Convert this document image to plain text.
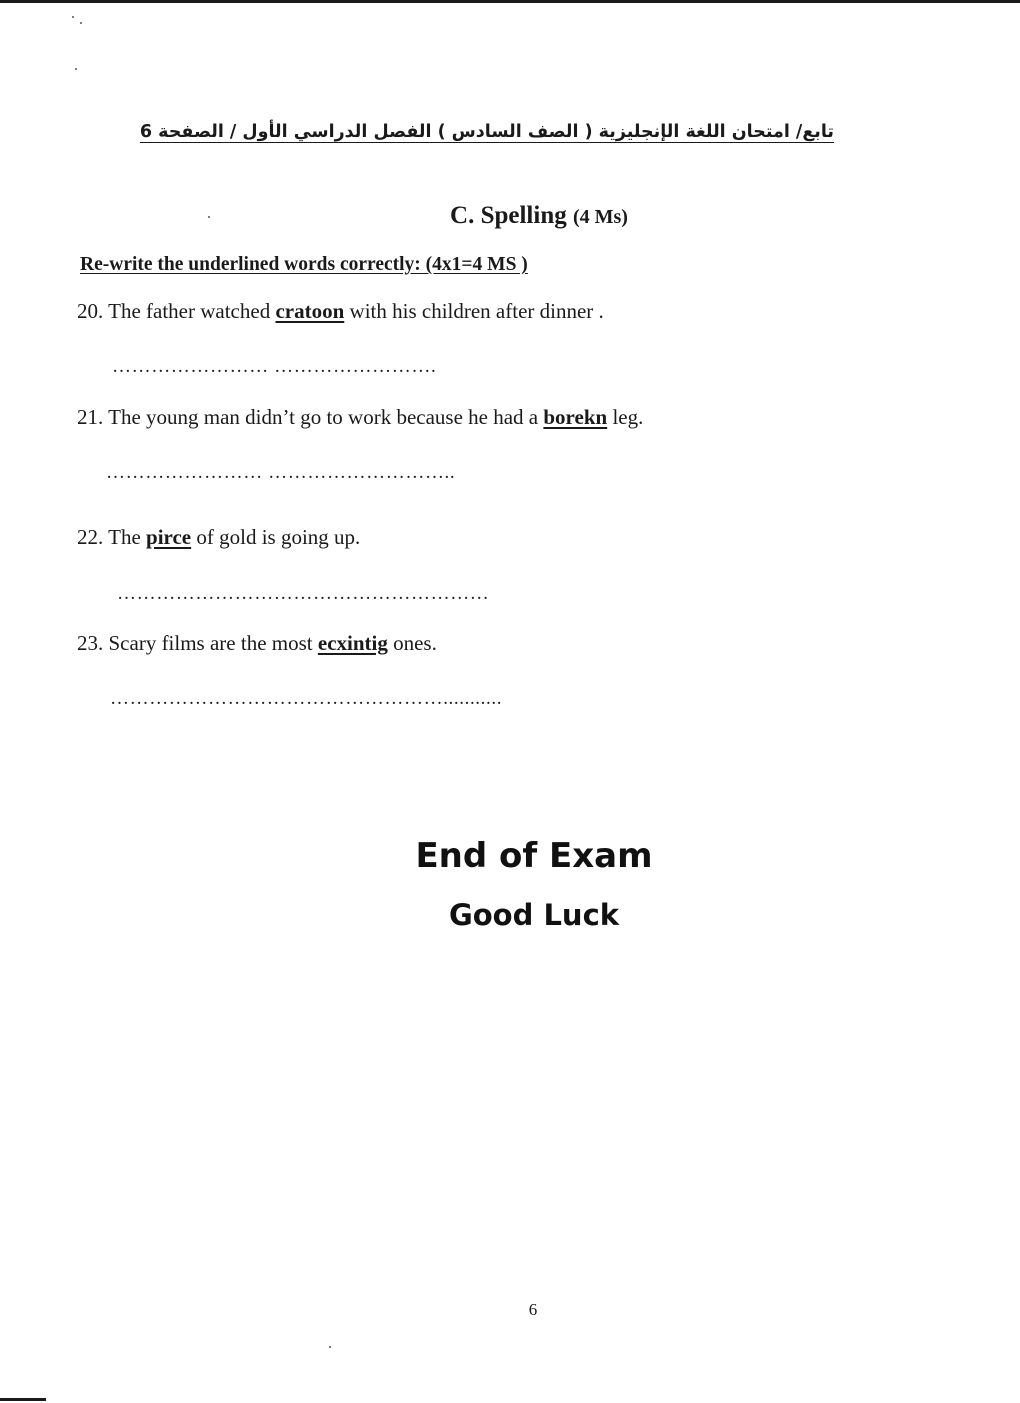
تابع/ امتحان اللغة الإنجليزية ( الصف السادس ) الفصل الدراسي الأول / الصفحة 6
C. Spelling (4 Ms)
Re-write the underlined words correctly: (4x1=4 MS )
20. The father watched cratoon with his children after dinner .
…………………… …………………….
21. The young man didn’t go to work because he had a borekn leg.
…………………… ………………………..
22. The pirce of gold is going up.
…………………………………………………
23. Scary films are the most ecxintig ones.
……………………………………………...........
End of Exam
Good Luck
6
